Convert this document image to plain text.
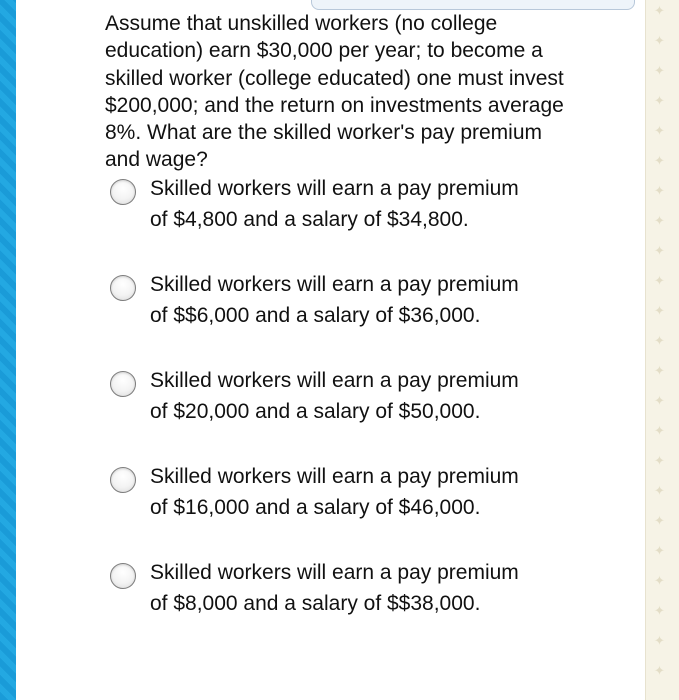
✦
✦
✦
✦
✦
✦
✦
✦
✦
✦
✦
✦
✦
✦
✦
✦
✦
✦
✦
✦
✦
✦
✦

Assume that unskilled workers (no college education) earn $30,000 per year; to become a skilled worker (college educated) one must invest $200,000; and the return on investments average 8%. What are the skilled worker's pay premium and wage?

Skilled workers will earn a pay premium of $4,800 and a salary of $34,800.
Skilled workers will earn a pay premium of $$6,000 and a salary of $36,000.
Skilled workers will earn a pay premium of $20,000 and a salary of $50,000.
Skilled workers will earn a pay premium of $16,000 and a salary of $46,000.
Skilled workers will earn a pay premium of $8,000 and a salary of $$38,000.
